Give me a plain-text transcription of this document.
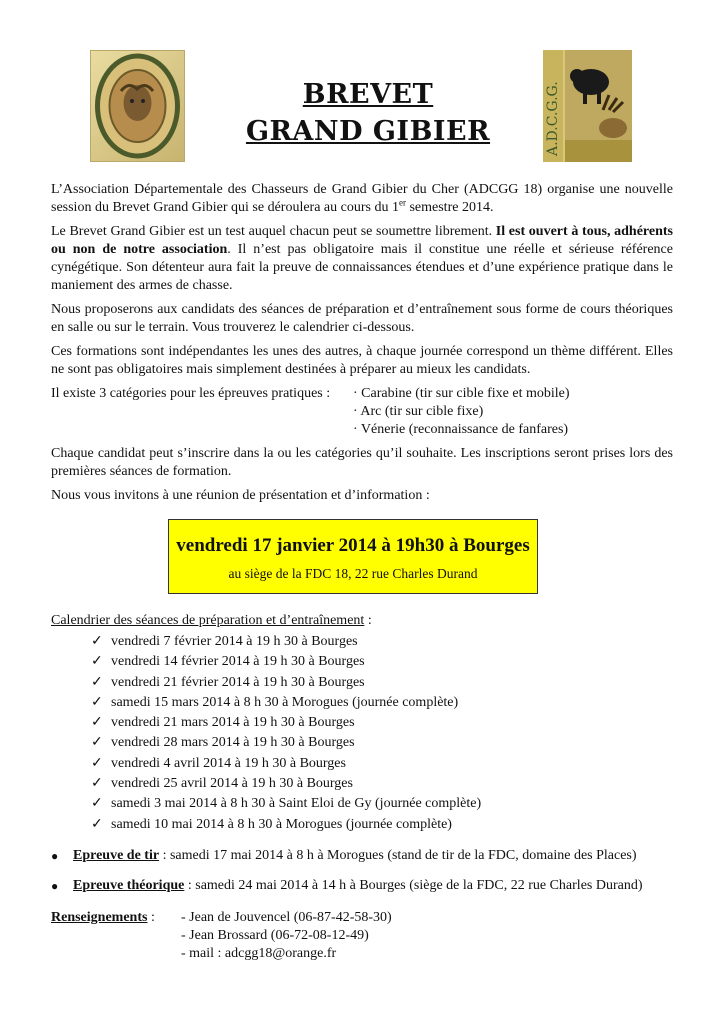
A.D.C.G.G.
BREVET
GRAND GIBIER

L’Association Départementale des Chasseurs de Grand Gibier du Cher (ADCGG 18) organise une nouvelle session du Brevet Grand Gibier qui se déroulera au cours du 1er semestre 2014.

Le Brevet Grand Gibier est un test auquel chacun peut se soumettre librement. Il est ouvert à tous, adhérents ou non de notre association. Il n’est pas obligatoire mais il constitue une réelle et sérieuse référence cynégétique. Son détenteur aura fait la preuve de connaissances étendues et d’une expérience pratique dans le maniement des armes de chasse.

Nous proposerons aux candidats des séances de préparation et d’entraînement sous forme de cours théoriques en salle ou sur le terrain. Vous trouverez le calendrier ci-dessous.

Ces formations sont indépendantes les unes des autres, à chaque journée correspond un thème différent. Elles ne sont pas obligatoires mais simplement destinées à préparer au mieux les candidats.

Il existe 3 catégories pour les épreuves pratiques :	· Carabine (tir sur cible fixe et mobile)
· Arc (tir sur cible fixe)
· Vénerie (reconnaissance de fanfares)

Chaque candidat peut s’inscrire dans la ou les catégories qu’il souhaite. Les inscriptions seront prises lors des premières séances de formation.

Nous vous invitons à une réunion de présentation et d’information :

vendredi 17 janvier 2014 à 19h30 à Bourges
au siège de la FDC 18, 22 rue Charles Durand
Calendrier des séances de préparation et d’entraînement :
✓ vendredi 7 février 2014 à 19 h 30 à Bourges
✓ vendredi 14 février 2014 à 19 h 30 à Bourges
✓ vendredi 21 février 2014 à 19 h 30 à Bourges
✓ samedi 15 mars 2014 à 8 h 30 à Morogues (journée complète)
✓ vendredi 21 mars 2014 à 19 h 30 à Bourges
✓ vendredi 28 mars 2014 à 19 h 30 à Bourges
✓ vendredi 4 avril 2014 à 19 h 30 à Bourges
✓ vendredi 25 avril 2014 à 19 h 30 à Bourges
✓ samedi 3 mai 2014 à 8 h 30 à Saint Eloi de Gy (journée complète)
✓ samedi 10 mai 2014 à 8 h 30 à Morogues (journée complète)
●	Epreuve de tir : samedi 17 mai 2014 à 8 h à Morogues (stand de tir de la FDC, domaine des Places)
●	Epreuve théorique : samedi 24 mai 2014 à 14 h à Bourges (siège de la FDC, 22 rue Charles Durand)
Renseignements :	- Jean de Jouvencel (06-87-42-58-30)
- Jean Brossard (06-72-08-12-49)
- mail : adcgg18@orange.fr
